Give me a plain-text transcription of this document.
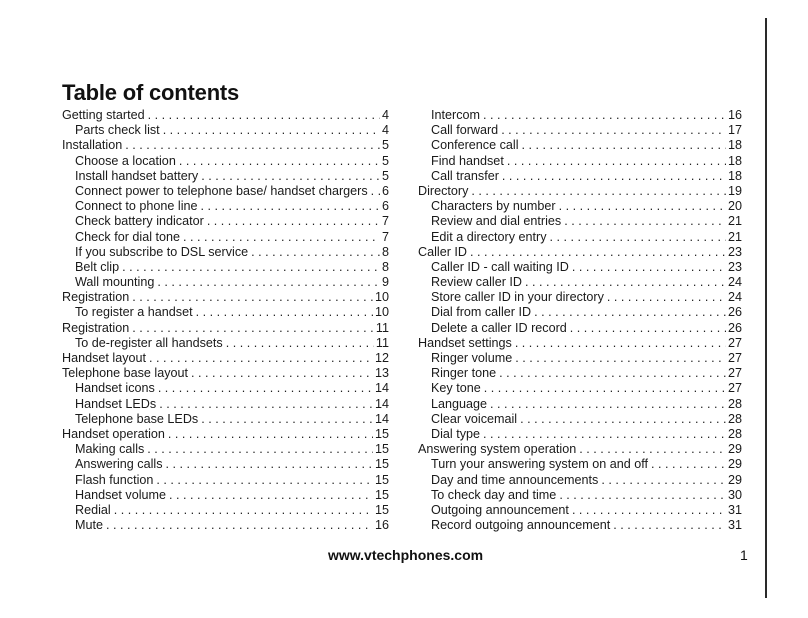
Table of contents
Getting started . . .	4
Parts check list . . .	4
Installation . . .	5
Choose a location . . .	5
Install handset battery . . .	5
Connect power to telephone base/ handset chargers . . . 6
Connect to phone line . . .	6
Check battery indicator . . .	7
Check for dial tone . . .	7
If you subscribe to DSL service . . .	8
Belt clip . . .	8
Wall mounting . . .	9
Registration . . .	10
To register a handset . . .	10
Registration . . .	11
To de-register all handsets . . .	11
Handset layout . . .	12
Telephone base layout . . .	13
Handset icons . . .	14
Handset LEDs . . .	14
Telephone base LEDs . . .	14
Handset operation . . .	15
Making calls . . .	15
Answering calls . . .	15
Flash function . . .	15
Handset volume . . .	15
Redial . . .	15
Mute . . .	16
Intercom . . .	16
Call forward . . .	17
Conference call . . .	18
Find handset . . .	18
Call transfer . . .	18
Directory . . .	19
Characters by number . . .	20
Review and dial entries . . .	21
Edit a directory entry . . .	21
Caller ID . . .	23
Caller ID - call waiting ID . . .	23
Review caller ID . . .	24
Store caller ID in your directory . . .	24
Dial from caller ID . . .	26
Delete a caller ID record . . .	26
Handset settings . . .	27
Ringer volume . . .	27
Ringer tone . . .	27
Key tone . . .	27
Language . . .	28
Clear voicemail . . .	28
Dial type . . .	28
Answering system operation . . .	29
Turn your answering system on and off . . .	29
Day and time announcements . . .	29
To check day and time . . .	30
Outgoing announcement . . .	31
Record outgoing announcement . . .	31
www.vtechphones.com	1
